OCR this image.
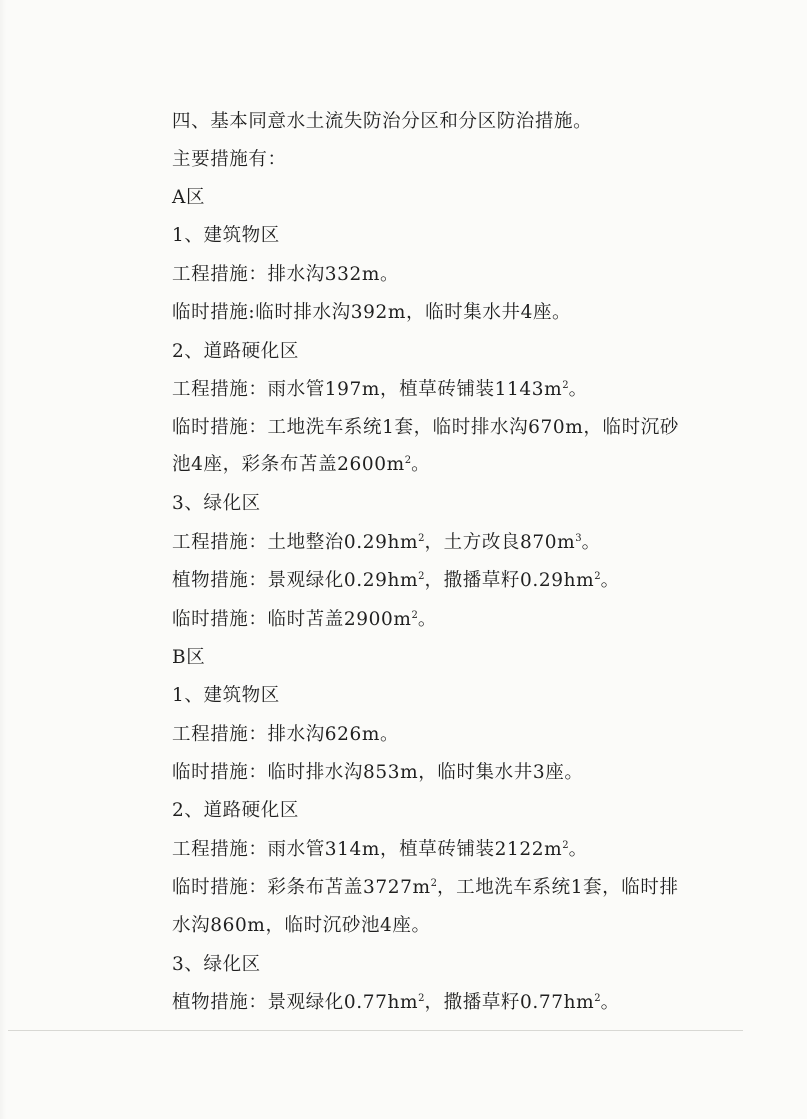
四、基本同意水土流失防治分区和分区防治措施。
主要措施有：
A区
1、建筑物区
工程措施：排水沟332m。
临时措施:临时排水沟392m，临时集水井4座。
2、道路硬化区
工程措施：雨水管197m，植草砖铺装$1143m^2$。
临时措施：工地洗车系统1套，临时排水沟670m，临时沉砂
池4座，彩条布苫盖$2600m^2$。
3、绿化区
工程措施：土地整治$0.29hm^2$，土方改良$870m^3$。
植物措施：景观绿化$0.29hm^2$，撒播草籽$0.29hm^2$。
临时措施：临时苫盖$2900m^2$。
B区
1、建筑物区
工程措施：排水沟626m。
临时措施：临时排水沟853m，临时集水井3座。
2、道路硬化区
工程措施：雨水管314m，植草砖铺装$2122m^2$。
临时措施：彩条布苫盖$3727m^2$，工地洗车系统1套，临时排
水沟860m，临时沉砂池4座。
3、绿化区
植物措施：景观绿化$0.77hm^2$，撒播草籽$0.77hm^2$。
